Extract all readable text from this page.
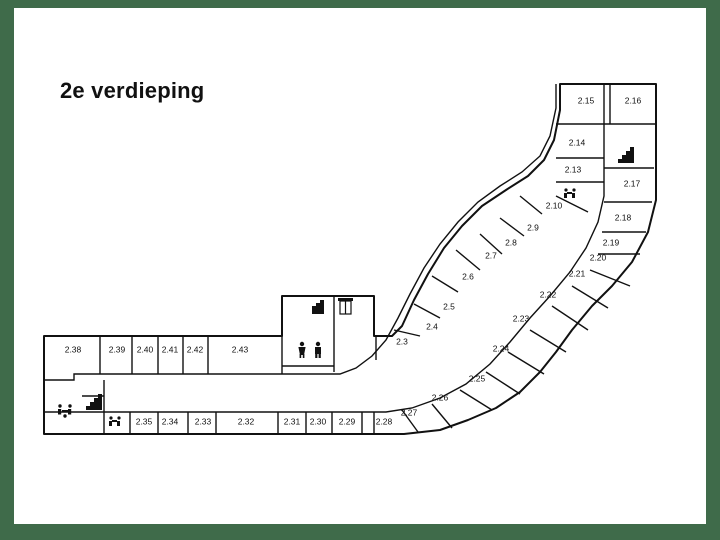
2e verdieping	2.15	2.16
2.14
2.13
2.17
2.10
2.18
2.9
2.19
2.8
2.20
2.7
2.21
2.6
2.22
2.5
2.23
2.4
2.3
2.24
2.25
2.26
2.27
2.28
2.29
2.30
2.31
2.32
2.33
2.34
2.35
2.38	2.39 2.40 2.41 2.42	2.43
